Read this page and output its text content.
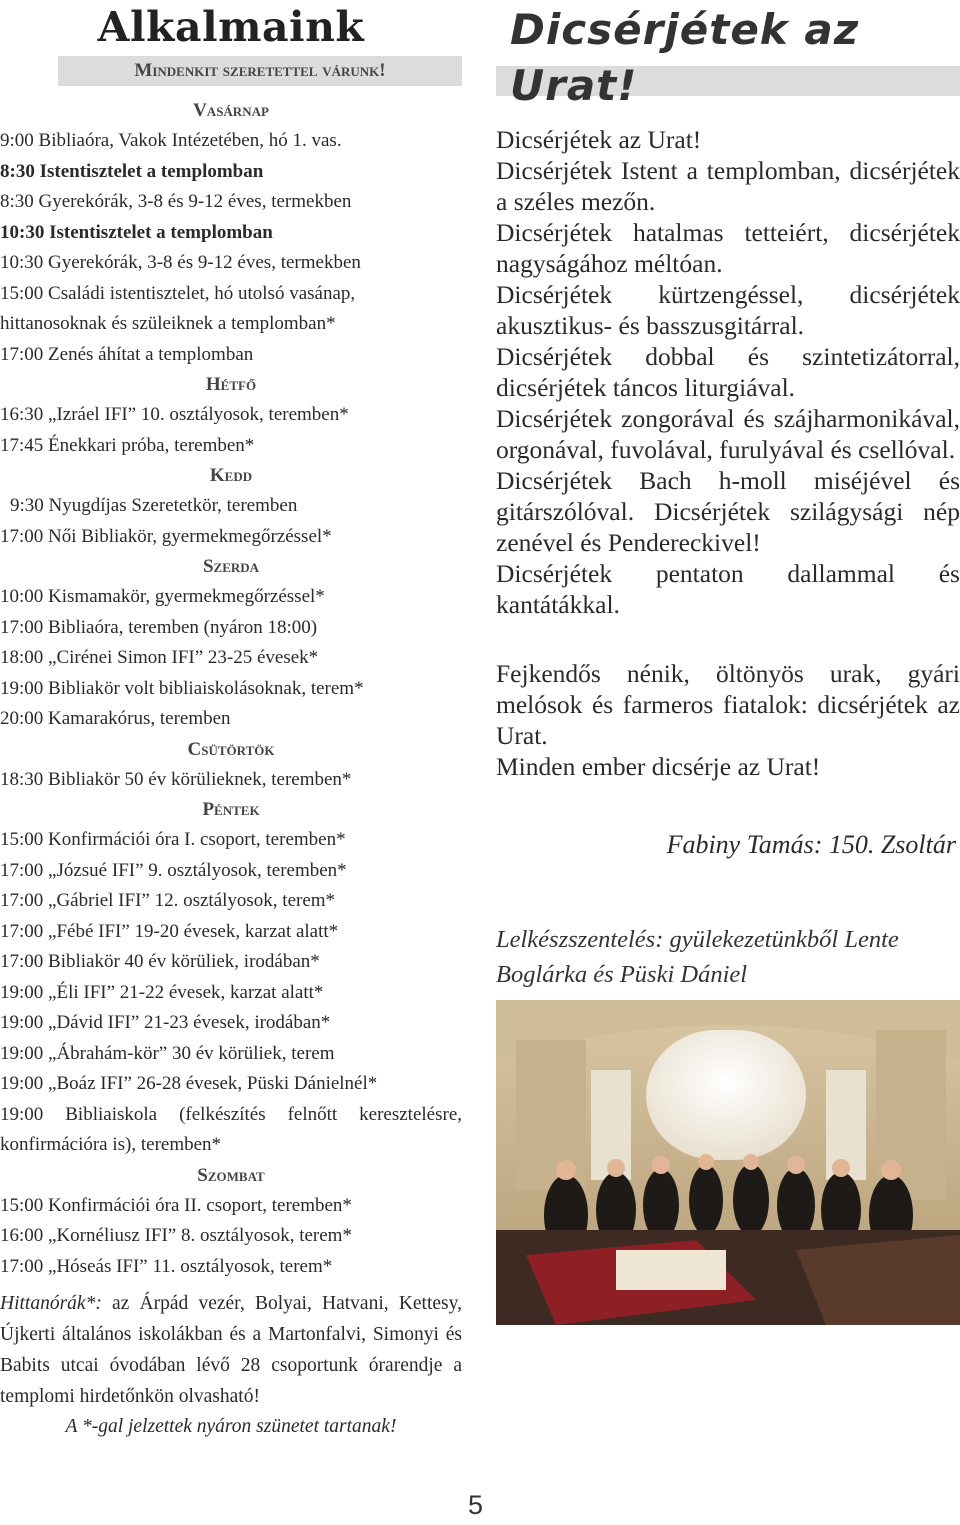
Alkalmaink
Mindenkit szeretettel várunk!
Vasárnap
9:00 Bibliaóra, Vakok Intézetében, hó 1. vas.
8:30 Istentisztelet a templomban
8:30 Gyerekórák, 3-8 és 9-12 éves, termekben
10:30 Istentisztelet a templomban
10:30 Gyerekórák, 3-8 és 9-12 éves, termekben
15:00 Családi istentisztelet, hó utolsó vasánap,
hittanosoknak és szüleiknek a templomban*
17:00 Zenés áhítat a templomban
Hétfő
16:30 „Izráel IFI” 10. osztályosok, teremben*
17:45 Énekkari próba, teremben*
Kedd
9:30 Nyugdíjas Szeretetkör, teremben
17:00 Női Bibliakör, gyermekmegőrzéssel*
Szerda
10:00 Kismamakör, gyermekmegőrzéssel*
17:00 Bibliaóra, teremben (nyáron 18:00)
18:00 „Cirénei Simon IFI” 23-25 évesek*
19:00 Bibliakör volt bibliaiskolásoknak, terem*
20:00 Kamarakórus, teremben
Csütörtök
18:30 Bibliakör 50 év körülieknek, teremben*
Péntek
15:00 Konfirmációi óra I. csoport, teremben*
17:00 „Józsué IFI” 9. osztályosok, teremben*
17:00 „Gábriel IFI” 12. osztályosok, terem*
17:00 „Fébé IFI” 19-20 évesek, karzat alatt*
17:00 Bibliakör 40 év körüliek, irodában*
19:00 „Éli IFI” 21-22 évesek, karzat alatt*
19:00 „Dávid IFI” 21-23 évesek, irodában*
19:00 „Ábrahám-kör” 30 év körüliek, terem
19:00 „Boáz IFI” 26-28 évesek, Püski Dánielnél*
19:00 Bibliaiskola (felkészítés felnőtt keresztelésre, konfirmációra is), teremben*
Szombat
15:00 Konfirmációi óra II. csoport, teremben*
16:00 „Kornéliusz IFI” 8. osztályosok, terem*
17:00 „Hóseás IFI” 11. osztályosok, terem*
Hittanórák*: az Árpád vezér, Bolyai, Hatvani, Kettesy, Újkerti általános iskolákban és a Martonfalvi, Simonyi és Babits utcai óvodában lévő 28 csoportunk órarendje a templomi hirdetőnkön olvasható!
A *-gal jelzettek nyáron szünetet tartanak!
Dicsérjétek az Urat!

Dicsérjétek az Urat!

Dicsérjétek Istent a templomban, dicsérjétek a széles mezőn.

Dicsérjétek hatalmas tetteiért, dicsérjétek nagyságához méltóan.

Dicsérjétek kürtzengéssel, dicsérjétek akusztikus- és basszusgitárral.

Dicsérjétek dobbal és szintetizátorral, dicsérjétek táncos liturgiával.

Dicsérjétek zongorával és szájharmonikával, orgonával, fuvolával, furulyával és csellóval.

Dicsérjétek Bach h-moll miséjével és gitárszólóval. Dicsérjétek szilágysági nép zenével és Pendereckivel!

Dicsérjétek pentaton dallammal és kantátákkal.

Fejkendős nénik, öltönyös urak, gyári melósok és farmeros fiatalok: dicsérjétek az Urat.

Minden ember dicsérje az Urat!

Fabiny Tamás: 150. Zsoltár
Lelkészszentelés: gyülekezetünkből Lente Boglárka és Püski Dániel
5
